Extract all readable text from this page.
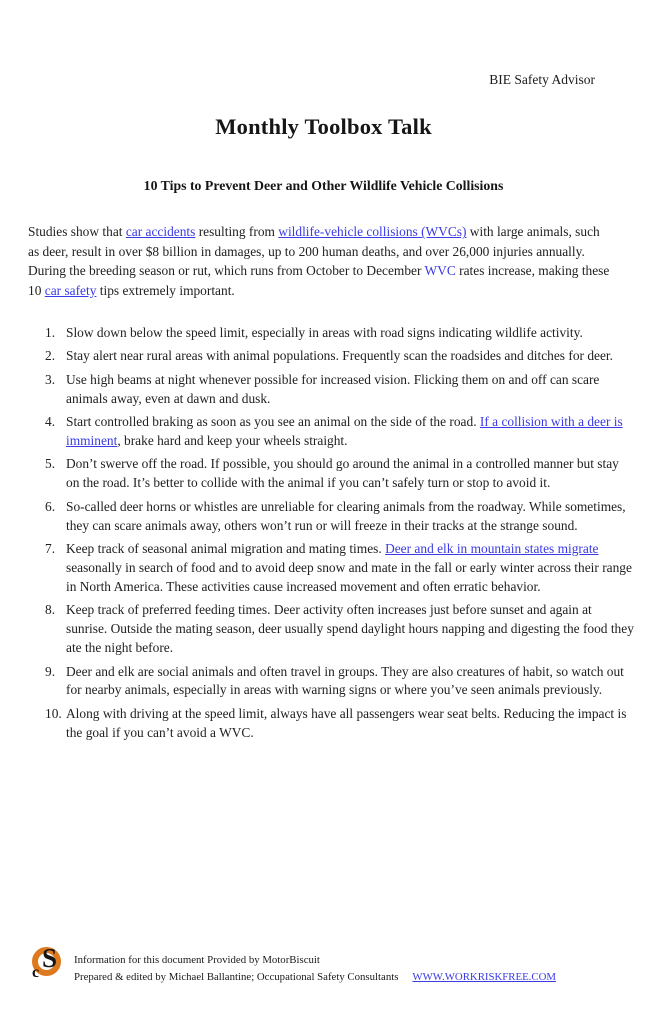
BIE Safety Advisor
Monthly Toolbox Talk
10 Tips to Prevent Deer and Other Wildlife Vehicle Collisions

Studies show that car accidents resulting from wildlife-vehicle collisions (WVCs) with large animals, such as deer, result in over $8 billion in damages, up to 200 human deaths, and over 26,000 injuries annually. During the breeding season or rut, which runs from October to December WVC rates increase, making these 10 car safety tips extremely important.

1. Slow down below the speed limit, especially in areas with road signs indicating wildlife activity.
2. Stay alert near rural areas with animal populations. Frequently scan the roadsides and ditches for deer.
3. Use high beams at night whenever possible for increased vision. Flicking them on and off can scare animals away, even at dawn and dusk.
4. Start controlled braking as soon as you see an animal on the side of the road. If a collision with a deer is imminent, brake hard and keep your wheels straight.
5. Don’t swerve off the road. If possible, you should go around the animal in a controlled manner but stay on the road. It’s better to collide with the animal if you can’t safely turn or stop to avoid it.
6. So-called deer horns or whistles are unreliable for clearing animals from the roadway. While sometimes, they can scare animals away, others won’t run or will freeze in their tracks at the strange sound.
7. Keep track of seasonal animal migration and mating times. Deer and elk in mountain states migrate seasonally in search of food and to avoid deep snow and mate in the fall or early winter across their range in North America. These activities cause increased movement and often erratic behavior.
8. Keep track of preferred feeding times. Deer activity often increases just before sunset and again at sunrise. Outside the mating season, deer usually spend daylight hours napping and digesting the food they ate the night before.
9. Deer and elk are social animals and often travel in groups. They are also creatures of habit, so watch out for nearby animals, especially in areas with warning signs or where you’ve seen animals previously.
10. Along with driving at the speed limit, always have all passengers wear seat belts. Reducing the impact is the goal if you can’t avoid a WVC.
S
c
Information for this document Provided by MotorBiscuit
Prepared & edited by Michael Ballantine; Occupational Safety Consultants WWW.WORKRISKFREE.COM
